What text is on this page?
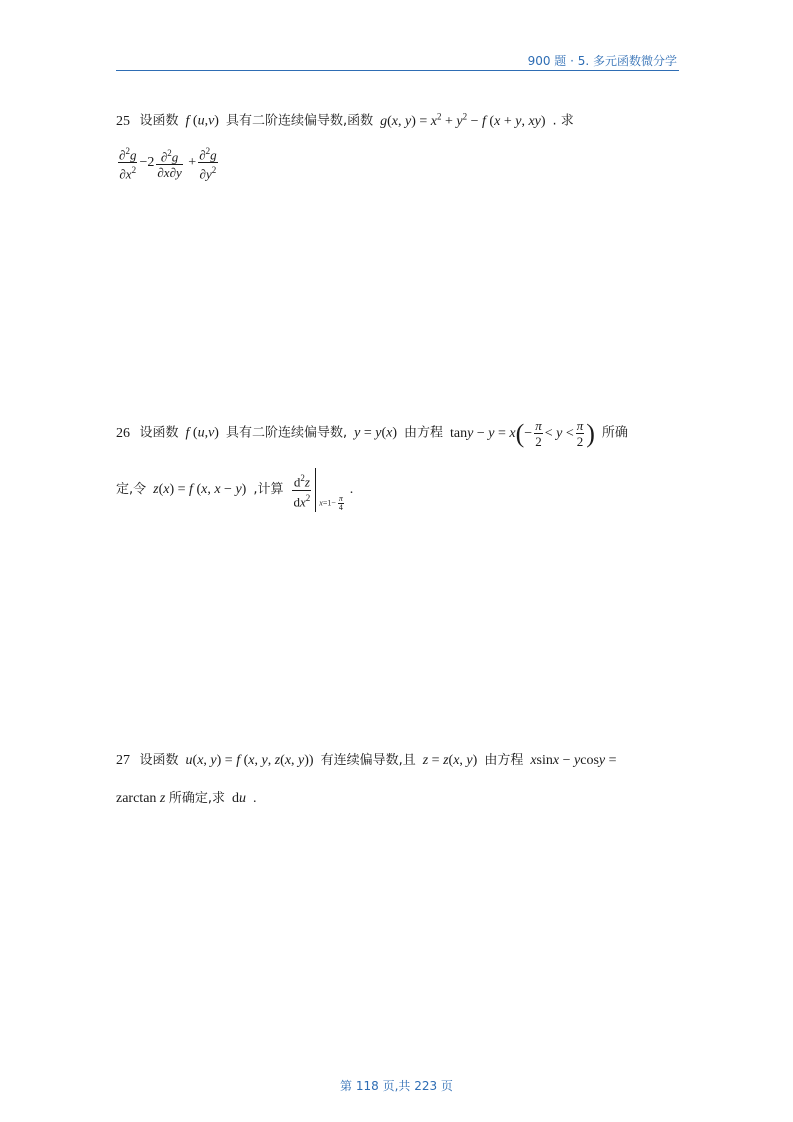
900 题 · 5. 多元函数微分学
25 设函数 f (u,v)  具有二阶连续偏导数,函数 g(x, $y) = x^2 + y^2 - f$ (x + y, xy)  . 求
$\frac{\partial^2g}{\partial x^2} -2 \frac{\partial^2g}{\partial x\partial y} + \frac{\partial^2g}{\partial y^2}$
26 设函数 f (u,v)  具有二阶连续偏导数, y = y(x)  由方程 $\tan y - y = x(- \frac{\pi}{2} < y < \frac{\pi}{2}$ ) 所确
定,令 z(x) = f (x, x − y)  ,计算 $\frac{d^2z}{dx^2} x=1- \frac{\pi}{4}$
.
27 设函数 u(x, y) = f (x, y, z(x, y))  有连续偏导数,且 z = z(x, y)  由方程 xsinx − ycosy =
zarctan z 所确定,求  du .
第 118 页,共 223 页
